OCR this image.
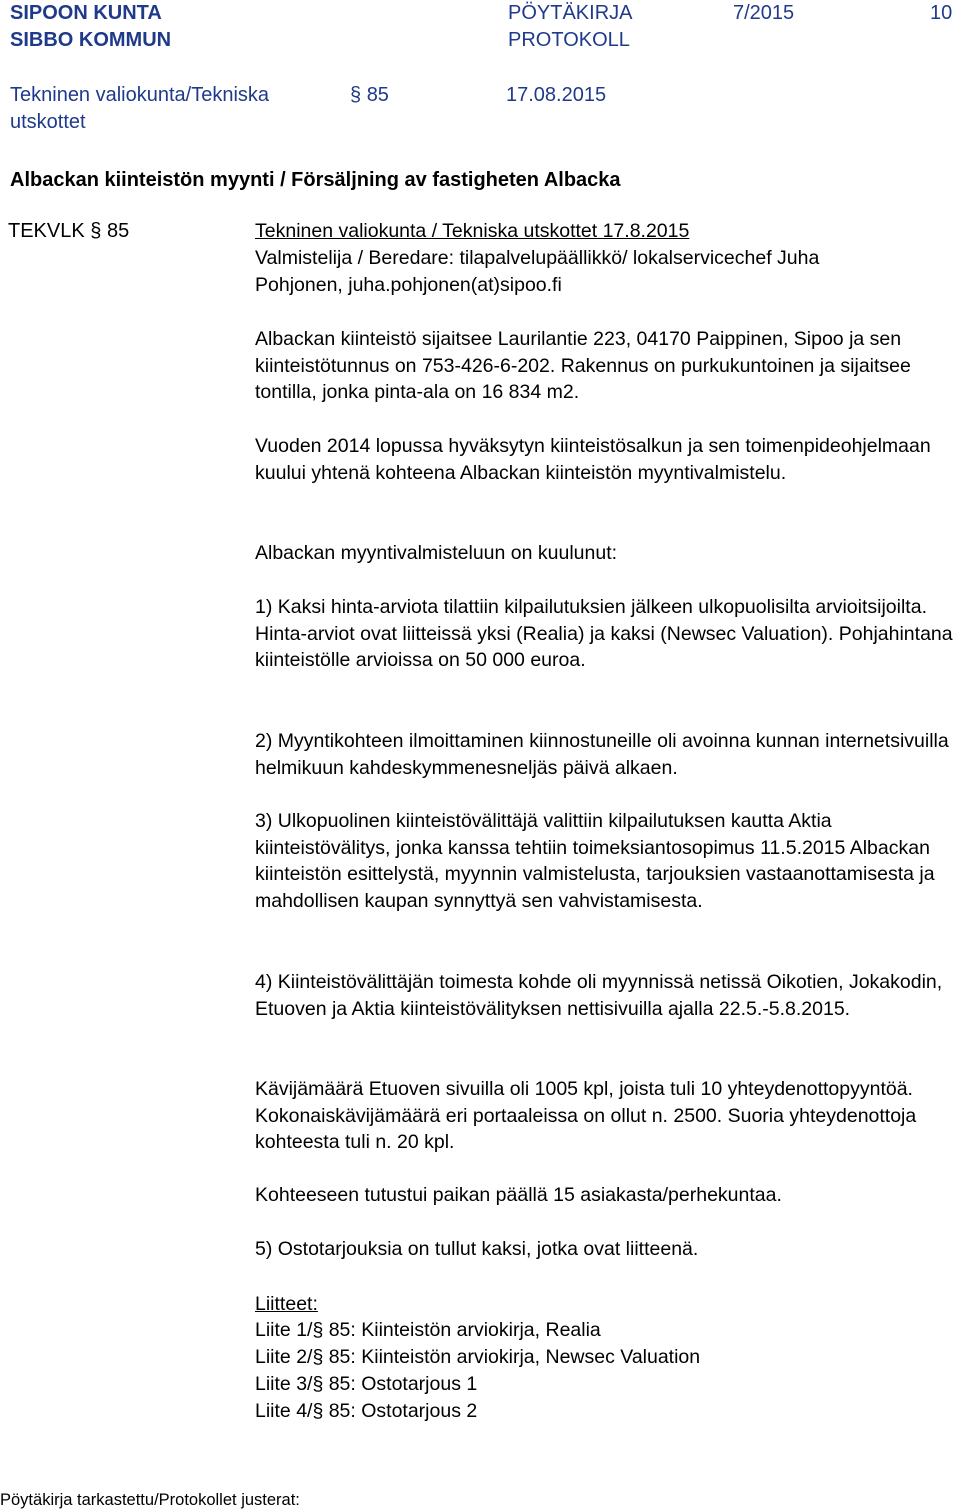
SIPOON KUNTA
SIBBO KOMMUN
PÖYTÄKIRJA
PROTOKOLL
7/2015	10
Tekninen valiokunta/Tekniska
utskottet
§ 85	17.08.2015
Albackan kiinteistön myynti / Försäljning av fastigheten Albacka
TEKVLK § 85	Tekninen valiokunta / Tekniska utskottet 17.8.2015
Valmistelija / Beredare: tilapalvelupäällikkö/ lokalservicechef Juha
Pohjonen, juha.pohjonen(at)sipoo.fi

Albackan kiinteistö sijaitsee Laurilantie 223, 04170 Paippinen, Sipoo ja sen kiinteistötunnus on 753-426-6-202. Rakennus on purkukuntoinen ja sijaitsee tontilla, jonka pinta-ala on 16 834 m2.

Vuoden 2014 lopussa hyväksytyn kiinteistösalkun ja sen toimenpideohjelmaan kuului yhtenä kohteena Albackan kiinteistön myyntivalmistelu.

Albackan myyntivalmisteluun on kuulunut:

1) Kaksi hinta-arviota tilattiin kilpailutuksien jälkeen ulkopuolisilta arvioitsijoilta. Hinta-arviot ovat liitteissä yksi (Realia) ja kaksi (Newsec Valuation). Pohjahintana kiinteistölle arvioissa on 50 000 euroa.

2) Myyntikohteen ilmoittaminen kiinnostuneille oli avoinna kunnan internetsivuilla helmikuun kahdeskymmenesneljäs päivä alkaen.

3) Ulkopuolinen kiinteistövälittäjä valittiin kilpailutuksen kautta Aktia kiinteistövälitys, jonka kanssa tehtiin toimeksiantosopimus 11.5.2015 Albackan kiinteistön esittelystä, myynnin valmistelusta, tarjouksien vastaanottamisesta ja mahdollisen kaupan synnyttyä sen vahvistamisesta.

4) Kiinteistövälittäjän toimesta kohde oli myynnissä netissä Oikotien, Jokakodin, Etuoven ja Aktia kiinteistövälityksen nettisivuilla ajalla 22.5.-5.8.2015.

Kävijämäärä Etuoven sivuilla oli 1005 kpl, joista tuli 10 yhteydenottopyyntöä. Kokonaiskävijämäärä eri portaaleissa on ollut n. 2500. Suoria yhteydenottoja kohteesta tuli n. 20 kpl.

Kohteeseen tutustui paikan päällä 15 asiakasta/perhekuntaa.

5) Ostotarjouksia on tullut kaksi, jotka ovat liitteenä.

Liitteet:
Liite 1/§ 85: Kiinteistön arviokirja, Realia
Liite 2/§ 85: Kiinteistön arviokirja, Newsec Valuation
Liite 3/§ 85: Ostotarjous 1
Liite 4/§ 85: Ostotarjous 2
Pöytäkirja tarkastettu/Protokollet justerat:
